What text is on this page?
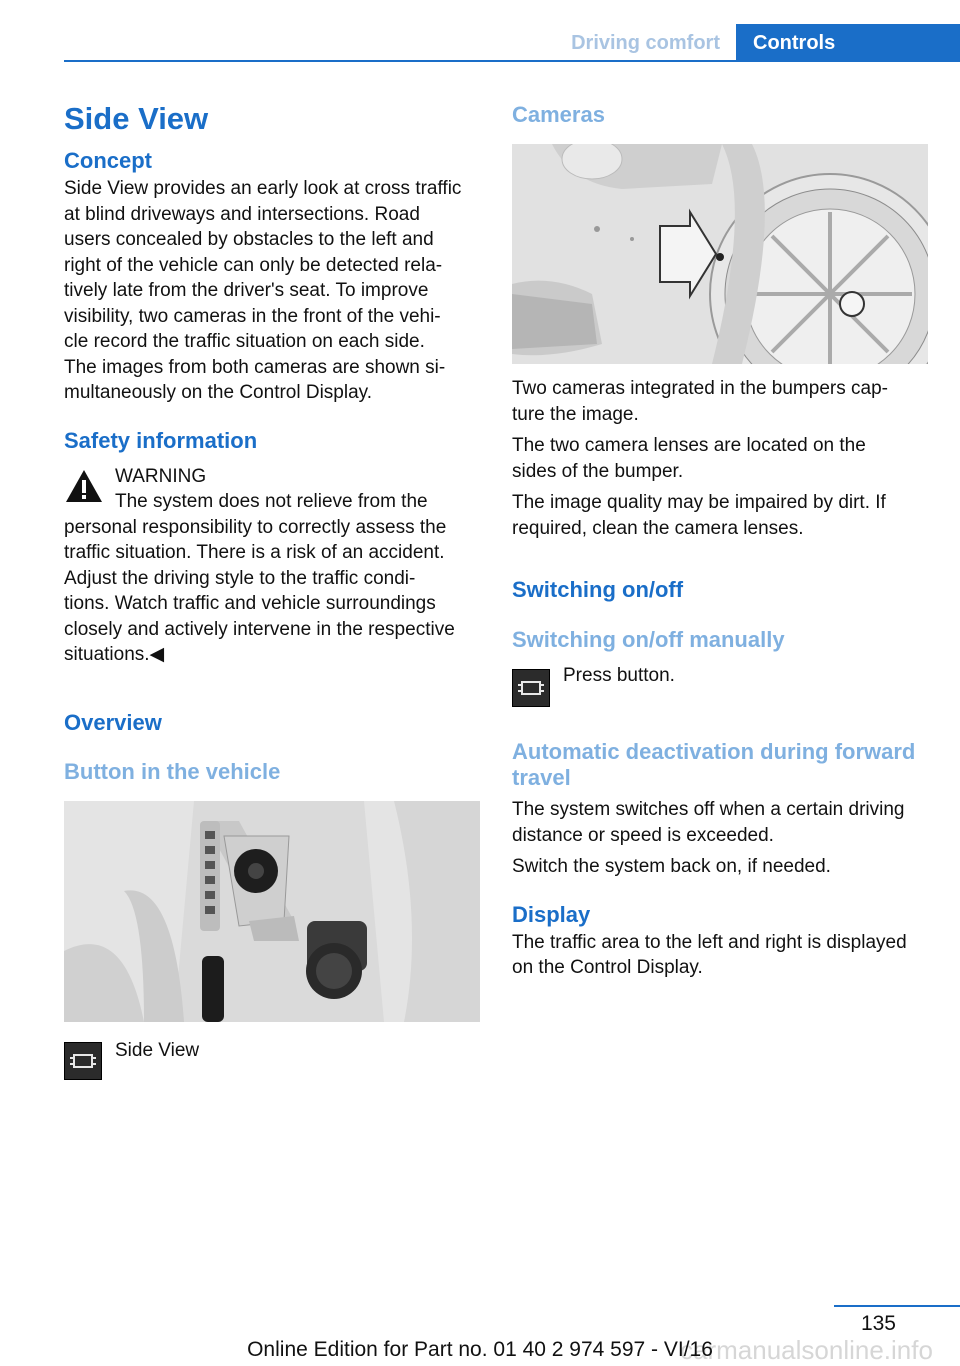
Driving comfort	Controls
Side View
Concept

Side View provides an early look at cross traffic
at blind driveways and intersections. Road
users concealed by obstacles to the left and
right of the vehicle can only be detected rela‐
tively late from the driver's seat. To improve
visibility, two cameras in the front of the vehi‐
cle record the traffic situation on each side.
The images from both cameras are shown si‐
multaneously on the Control Display.

Safety information

WARNING
The system does not relieve from the
personal responsibility to correctly assess the
traffic situation. There is a risk of an accident.
Adjust the driving style to the traffic condi‐
tions. Watch traffic and vehicle surroundings
closely and actively intervene in the respective
situations.◀

Overview
Button in the vehicle
Side View
Cameras

Two cameras integrated in the bumpers cap‐
ture the image.

The two camera lenses are located on the
sides of the bumper.

The image quality may be impaired by dirt. If
required, clean the camera lenses.

Switching on/off
Switching on/off manually
Press button.
Automatic deactivation during forward
travel

The system switches off when a certain driving
distance or speed is exceeded.

Switch the system back on, if needed.

Display

The traffic area to the left and right is displayed
on the Control Display.

135
carmanualsonline.info
Online Edition for Part no. 01 40 2 974 597 - VI/16
